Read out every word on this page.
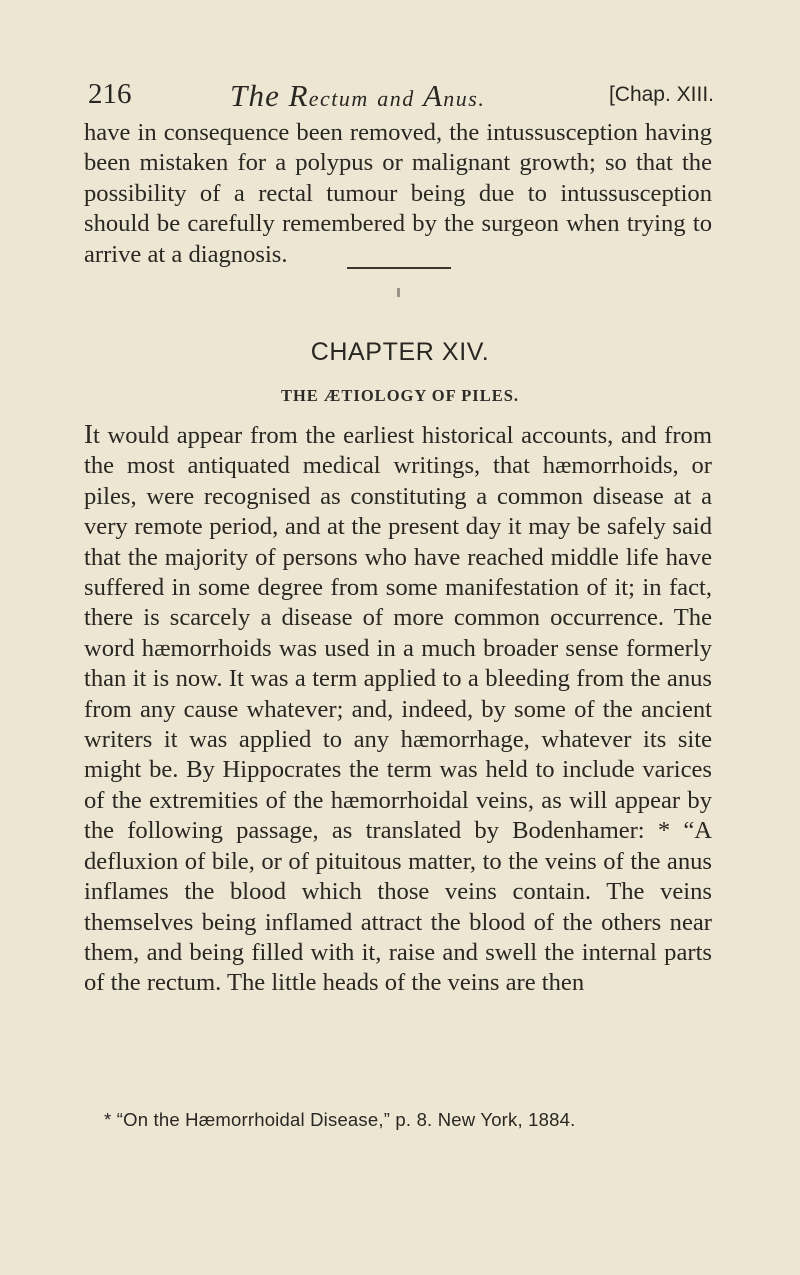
216	The Rectum and Anus.	[Chap. XIII.

have in consequence been removed, the intussusception having been mistaken for a polypus or malignant growth; so that the possibility of a rectal tumour being due to intussusception should be carefully remembered by the surgeon when trying to arrive at a diagnosis.

CHAPTER XIV.
THE ÆTIOLOGY OF PILES.

It would appear from the earliest historical accounts, and from the most antiquated medical writings, that hæmorrhoids, or piles, were recognised as constituting a common disease at a very remote period, and at the present day it may be safely said that the majority of persons who have reached middle life have suffered in some degree from some manifestation of it; in fact, there is scarcely a disease of more common occurrence. The word hæmorrhoids was used in a much broader sense formerly than it is now. It was a term applied to a bleeding from the anus from any cause whatever; and, indeed, by some of the ancient writers it was applied to any hæmorrhage, whatever its site might be. By Hippocrates the term was held to include varices of the extremities of the hæmorrhoidal veins, as will appear by the following passage, as translated by Bodenhamer: * “A defluxion of bile, or of pituitous matter, to the veins of the anus inflames the blood which those veins contain. The veins themselves being inflamed attract the blood of the others near them, and being filled with it, raise and swell the internal parts of the rectum. The little heads of the veins are then

* “On the Hæmorrhoidal Disease,” p. 8. New York, 1884.
